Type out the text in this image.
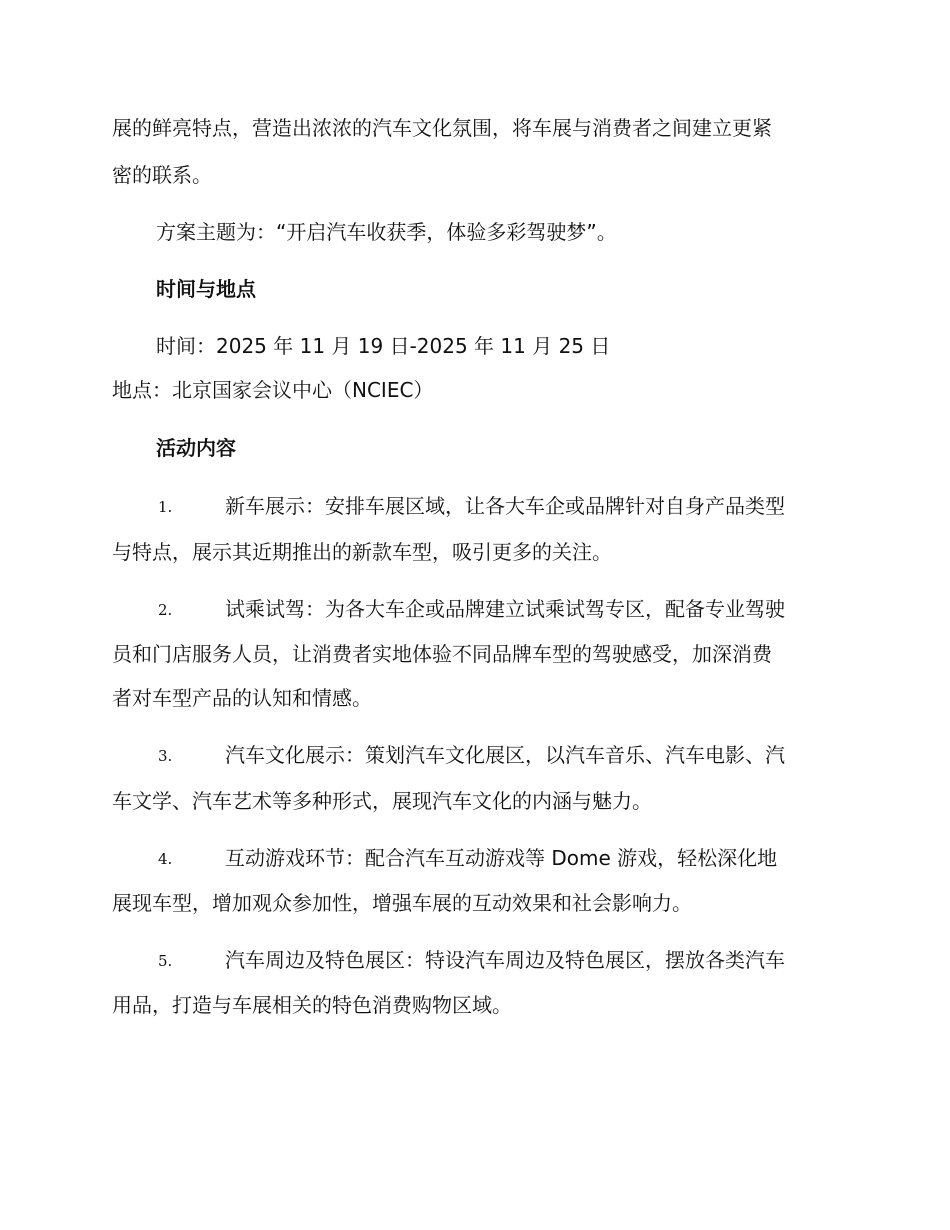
展的鲜亮特点，营造出浓浓的汽车文化氛围，将车展与消费者之间建立更紧
密的联系。
方案主题为：“开启汽车收获季，体验多彩驾驶梦”。
时间与地点
时间：2025 年 11 月 19 日-2025 年 11 月 25 日
地点：北京国家会议中心（NCIEC）
活动内容
1.	新车展示：安排车展区域，让各大车企或品牌针对自身产品类型
与特点，展示其近期推出的新款车型，吸引更多的关注。
2.	试乘试驾：为各大车企或品牌建立试乘试驾专区，配备专业驾驶
员和门店服务人员，让消费者实地体验不同品牌车型的驾驶感受，加深消费
者对车型产品的认知和情感。
3.	汽车文化展示：策划汽车文化展区，以汽车音乐、汽车电影、汽
车文学、汽车艺术等多种形式，展现汽车文化的内涵与魅力。
4.	互动游戏环节：配合汽车互动游戏等 Dome 游戏，轻松深化地
展现车型，增加观众参加性，增强车展的互动效果和社会影响力。
5.	汽车周边及特色展区：特设汽车周边及特色展区，摆放各类汽车
用品，打造与车展相关的特色消费购物区域。
